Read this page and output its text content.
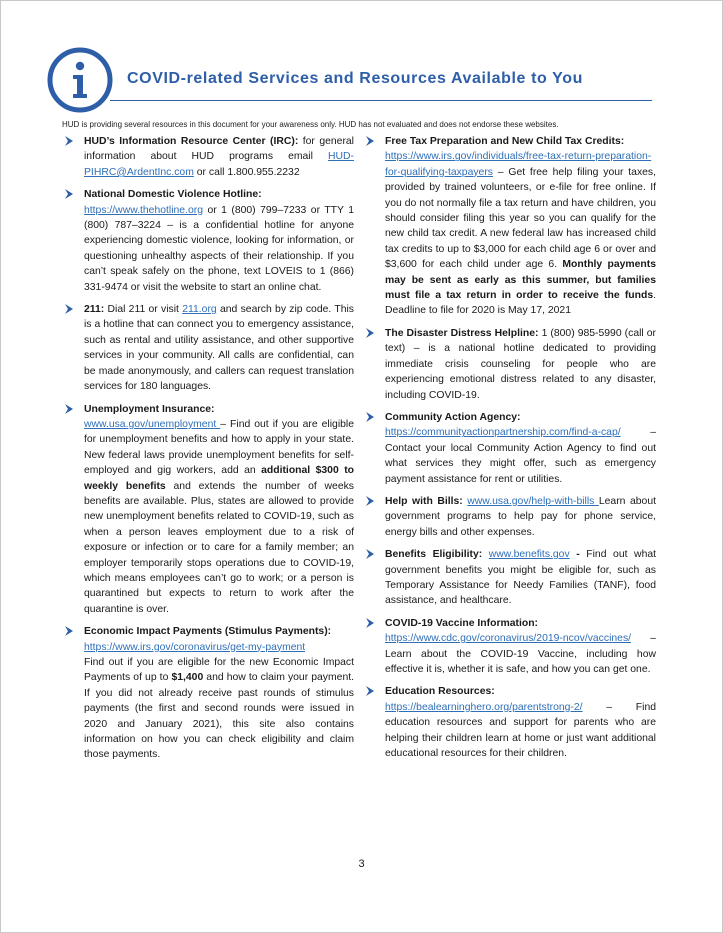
COVID-related Services and Resources Available to You
HUD is providing several resources in this document for your awareness only. HUD has not evaluated and does not endorse these websites.

HUD’s Information Resource Center (IRC): for general information about HUD programs email HUD-PIHRC@ArdentInc.com or call 1.800.955.2232

National Domestic Violence Hotline:
https://www.thehotline.org or 1 (800) 799–7233 or TTY 1 (800) 787–3224 – is a confidential hotline for anyone experiencing domestic violence, looking for information, or questioning unhealthy aspects of their relationship. If you can’t speak safely on the phone, text LOVEIS to 1 (866) 331-9474 or visit the website to start an online chat.

211: Dial 211 or visit 211.org and search by zip code. This is a hotline that can connect you to emergency assistance, such as rental and utility assistance, and other supportive services in your community. All calls are confidential, can be made anonymously, and callers can request translation services for 180 languages.

Unemployment Insurance:
www.usa.gov/unemployment – Find out if you are eligible for unemployment benefits and how to apply in your state. New federal laws provide unemployment benefits for self-employed and gig workers, add an additional $300 to weekly benefits and extends the number of weeks benefits are available. Plus, states are allowed to provide new unemployment benefits related to COVID-19, such as when a person leaves employment due to a risk of exposure or infection or to care for a family member; an employer temporarily stops operations due to COVID-19, which means employees can’t go to work; or a person is quarantined but expects to return to work after the quarantine is over.

Economic Impact Payments (Stimulus Payments):
https://www.irs.gov/coronavirus/get-my-payment
Find out if you are eligible for the new Economic Impact Payments of up to $1,400 and how to claim your payment. If you did not already receive past rounds of stimulus payments (the first and second rounds were issued in 2020 and January 2021), this site also contains information on how you can check eligibility and claim those payments.

Free Tax Preparation and New Child Tax Credits:
https://www.irs.gov/individuals/free-tax-return-preparation-for-qualifying-taxpayers – Get free help filing your taxes, provided by trained volunteers, or e-file for free online. If you do not normally file a tax return and have children, you should consider filing this year so you can qualify for the new child tax credit. A new federal law has increased child tax credits to up to $3,000 for each child age 6 or over and $3,600 for each child under age 6. Monthly payments may be sent as early as this summer, but families must file a tax return in order to receive the funds. Deadline to file for 2020 is May 17, 2021

The Disaster Distress Helpline: 1 (800) 985-5990 (call or text) – is a national hotline dedicated to providing immediate crisis counseling for people who are experiencing emotional distress related to any disaster, including COVID-19.

Community Action Agency:
https://communityactionpartnership.com/find-a-cap/ – Contact your local Community Action Agency to find out what services they might offer, such as emergency payment assistance for rent or utilities.

Help with Bills: www.usa.gov/help-with-bills Learn about government programs to help pay for phone service, energy bills and other expenses.

Benefits Eligibility: www.benefits.gov - Find out what government benefits you might be eligible for, such as Temporary Assistance for Needy Families (TANF), food assistance, and healthcare.

COVID-19 Vaccine Information:
https://www.cdc.gov/coronavirus/2019-ncov/vaccines/ – Learn about the COVID-19 Vaccine, including how effective it is, whether it is safe, and how you can get one.

Education Resources:
https://bealearninghero.org/parentstrong-2/ – Find education resources and support for parents who are helping their children learn at home or just want additional educational resources for their children.

3
